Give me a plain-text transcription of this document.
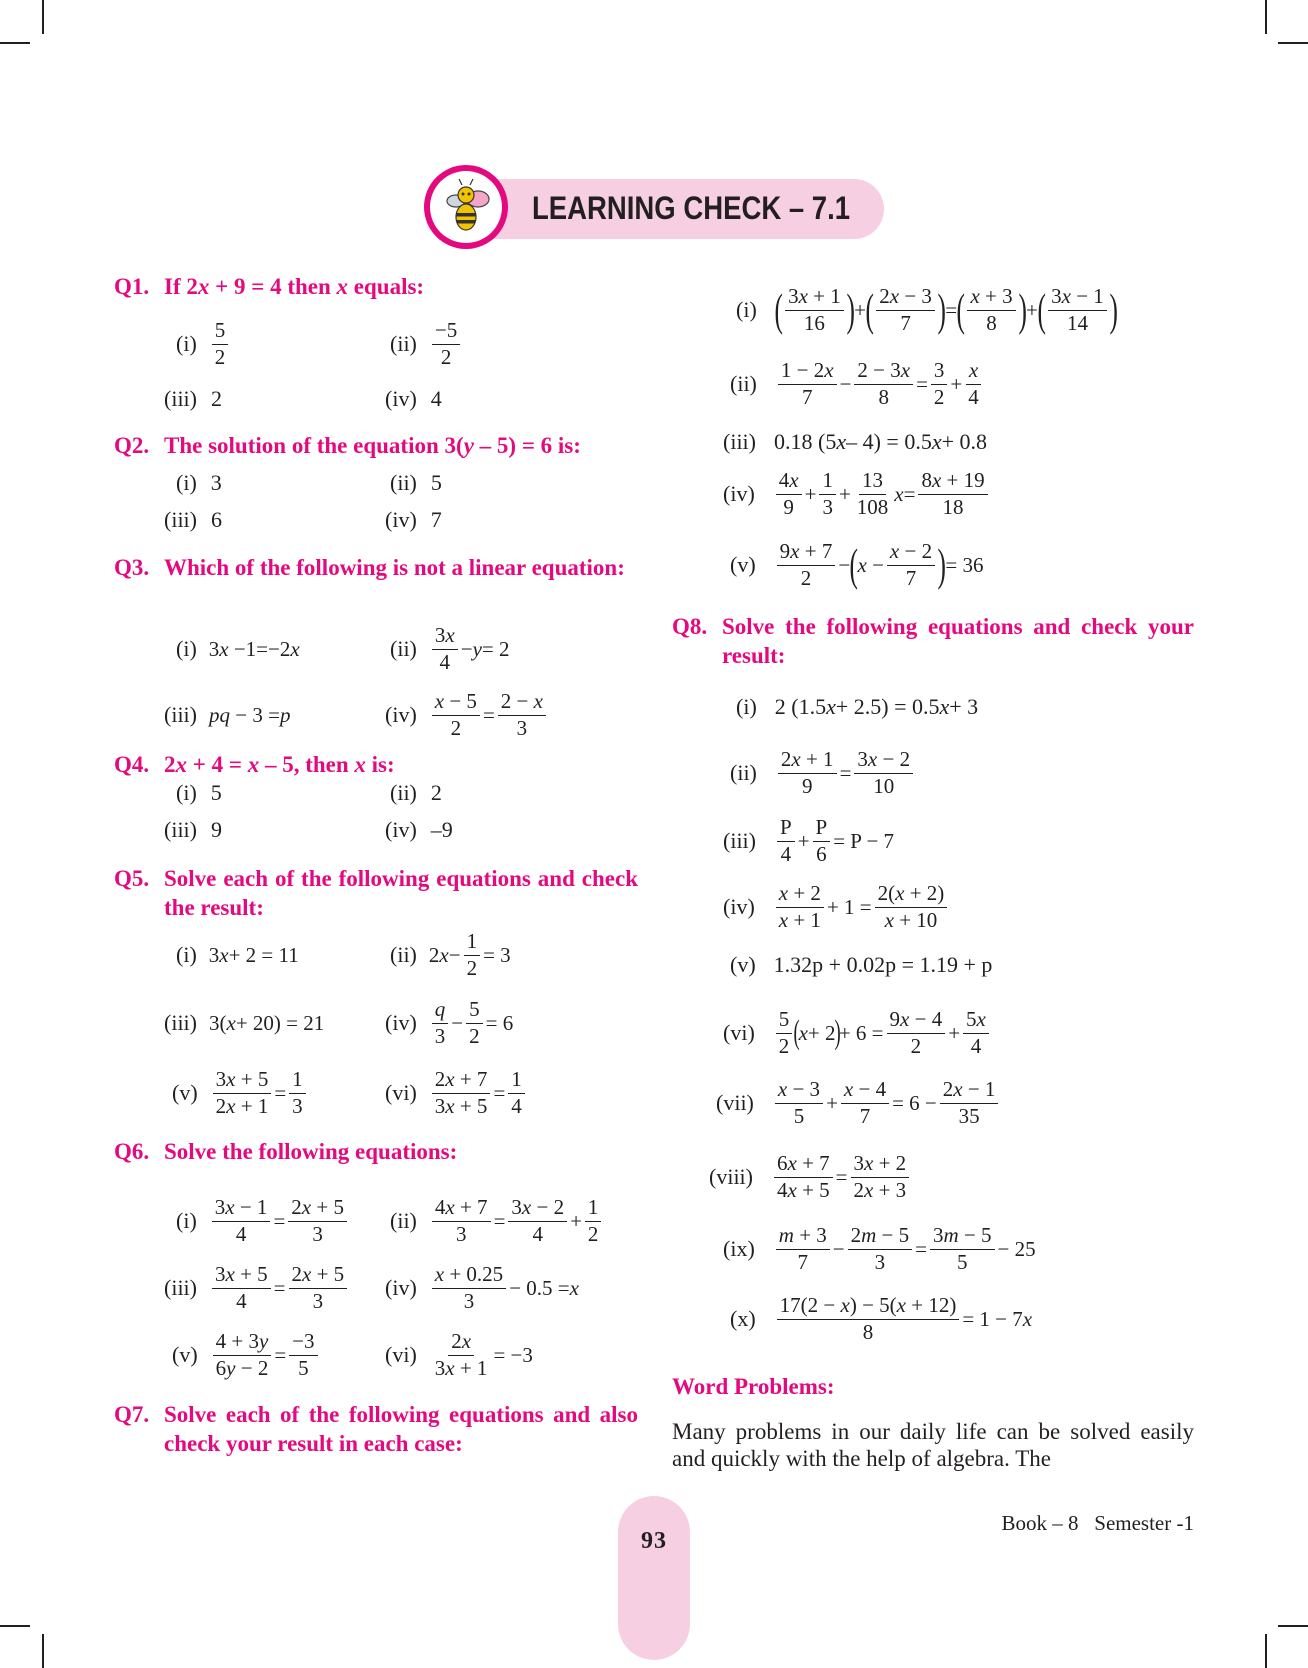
LEARNING CHECK – 7.1
Q1. If 2x + 9 = 4 then x equals:
$(i) \frac{5}{2}$	$(ii) \frac{-5}{2}$
(iii) 2	(iv) 4
Q2. The solution of the equation 3(y – 5) = 6 is:
(i) 3	(ii) 5
(iii) 6	(iv) 7
Q3. Which of the following is not a linear equation:
(i) 3 x −1=−2 x	$(ii) \frac{3x}{4} - y = 2$
(iii) pq − 3 = p	$(iv) \frac{x - 5}{2} = \frac{2 - x}{3}$
Q4. 2x + 4 = x – 5, then x is:
(i) 5	(ii) 2
(iii) 9	(iv) –9
Q5. Solve each of the following equations and check the result:
(i) 3 x + 2 = 11	(ii) 2 $x - \frac{1}{2} = 3$
(iii) 3( x + 20) = 21	$(iv) \frac{q}{3} - \frac{5}{2} = 6$
$(v) \frac{3x + 5}{2x + 1} = \frac{1}{3}$	$(vi) \frac{2x + 7}{3x + 5} = \frac{1}{4}$
Q6. Solve the following equations:
$(i) \frac{3x - 1}{4} = \frac{2x + 5}{3} (ii) \frac{4x + 7}{3} = \frac{3x - 2}{4} + \frac{1}{2}$
$(iii) \frac{3x + 5}{4} = \frac{2x + 5}{3} (iv) \frac{x + 0.25}{3} - 0.5 = x$
$(v) \frac{4 + 3y}{6y - 2} = \frac{-3}{5}$	$(vi) \frac{2x}{3x + 1} = -3$
Q7. Solve each of the following equations and also check your result in each case:
(i) ( $\frac{3x + 1}{16}$ ) + ( $\frac{2x - 3}{7}$ ) = ( $\frac{x + 3}{8}$ ) + ( $\frac{3x - 1}{14}$ )
$(ii) \frac{1 - 2x}{7} - \frac{2 - 3x}{8} = \frac{3}{2} + \frac{x}{4}$
(iii) 0.18 (5 x – 4) = 0.5 x + 0.8
$(iv) \frac{4x}{9} + \frac{1}{3} + \frac{13}{108}$ $x = \frac{8x + 19}{18}$
$(v) \frac{9x + 7}{2}$ − ( $x - \frac{x - 2}{7}$ ) = 36
Q8. Solve the following equations and check your result:
(i) 2 (1.5 x + 2.5) = 0.5 x + 3
$(ii) \frac{2x + 1}{9} = \frac{3x - 2}{10}$
$(iii) \frac{P}{4} + \frac{P}{6} = P - 7$
$(iv) \frac{x + 2}{x + 1} + 1 = \frac{2(x + 2)}{x + 10}$
(v) 1.32p + 0.02p = 1.19 + p
$(vi) \frac{5}{2}$ (
x + 2
)
+ $6 = \frac{9x - 4}{2} + \frac{5x}{4}$
$(vii) \frac{x - 3}{5} + \frac{x - 4}{7} = 6 - \frac{2x - 1}{35}$
(viii) $\frac{6x + 7}{4x + 5} = \frac{3x + 2}{2x + 3}$
$(ix) \frac{m + 3}{7} - \frac{2m - 5}{3} = \frac{3m - 5}{5} - 25$
$(x) \frac{17(2 - x) - 5(x + 12)}{8} = 1 - 7$ x
Word Problems:
Many problems in our daily life can be solved easily and quickly with the help of algebra. The
Book – 8   Semester -1
93
